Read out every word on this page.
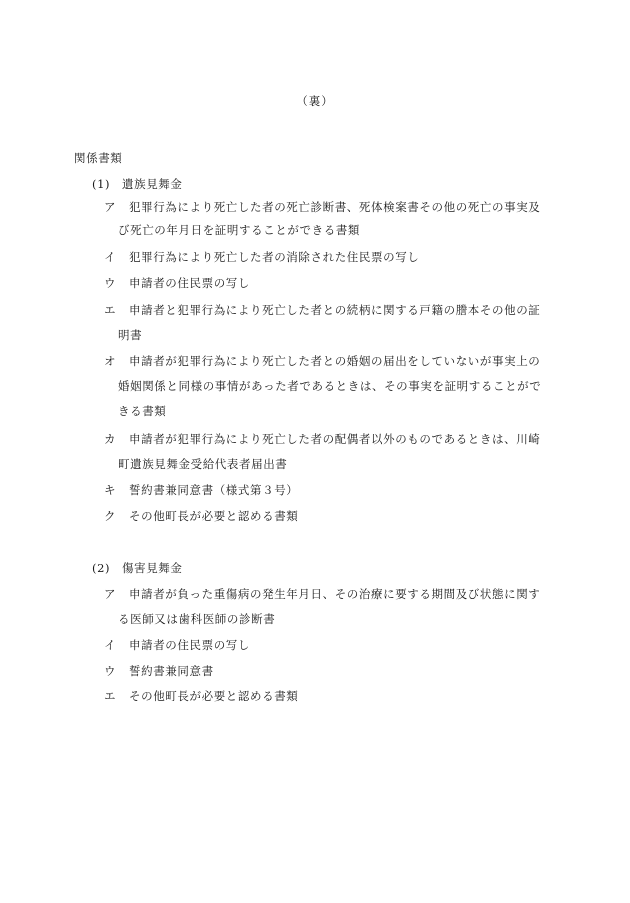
（裏）
関係書類
(1) 遺族見舞金
ア 犯罪行為により死亡した者の死亡診断書、死体検案書その他の死亡の事実及
び死亡の年月日を証明することができる書類
イ 犯罪行為により死亡した者の消除された住民票の写し
ウ 申請者の住民票の写し
エ 申請者と犯罪行為により死亡した者との続柄に関する戸籍の謄本その他の証
明書
オ 申請者が犯罪行為により死亡した者との婚姻の届出をしていないが事実上の
婚姻関係と同様の事情があった者であるときは、その事実を証明することがで
きる書類
カ 申請者が犯罪行為により死亡した者の配偶者以外のものであるときは、川崎
町遺族見舞金受給代表者届出書
キ 誓約書兼同意書（様式第３号）
ク その他町長が必要と認める書類
(2) 傷害見舞金
ア 申請者が負った重傷病の発生年月日、その治療に要する期間及び状態に関す
る医師又は歯科医師の診断書
イ 申請者の住民票の写し
ウ 誓約書兼同意書
エ その他町長が必要と認める書類
